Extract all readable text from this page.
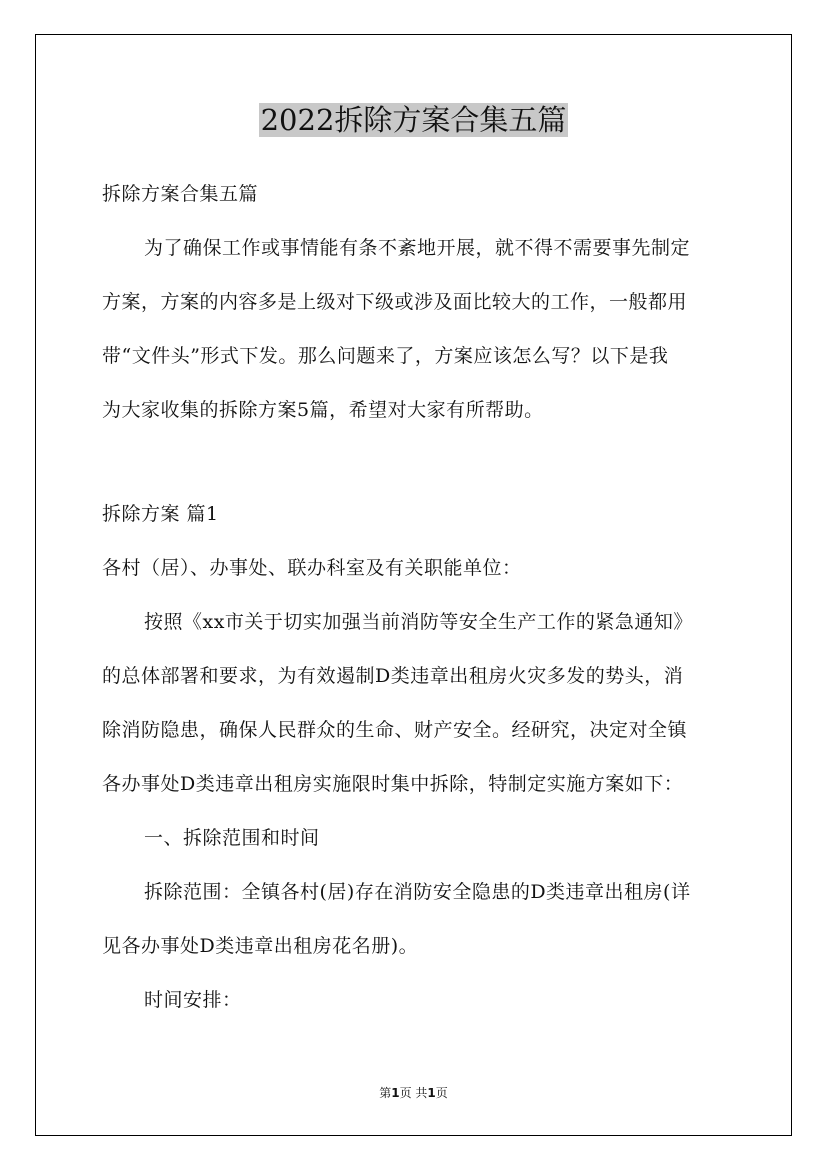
2022拆除方案合集五篇
拆除方案合集五篇
为了确保工作或事情能有条不紊地开展，就不得不需要事先制定
方案，方案的内容多是上级对下级或涉及面比较大的工作，一般都用
带“文件头”形式下发。那么问题来了，方案应该怎么写？以下是我
为大家收集的拆除方案5篇，希望对大家有所帮助。
拆除方案 篇1
各村（居）、办事处、联办科室及有关职能单位：
按照《xx市关于切实加强当前消防等安全生产工作的紧急通知》
的总体部署和要求，为有效遏制D类违章出租房火灾多发的势头，消
除消防隐患，确保人民群众的生命、财产安全。经研究，决定对全镇
各办事处D类违章出租房实施限时集中拆除，特制定实施方案如下：
一、拆除范围和时间
拆除范围：全镇各村(居)存在消防安全隐患的D类违章出租房(详
见各办事处D类违章出租房花名册)。
时间安排：
第1页 共1页
